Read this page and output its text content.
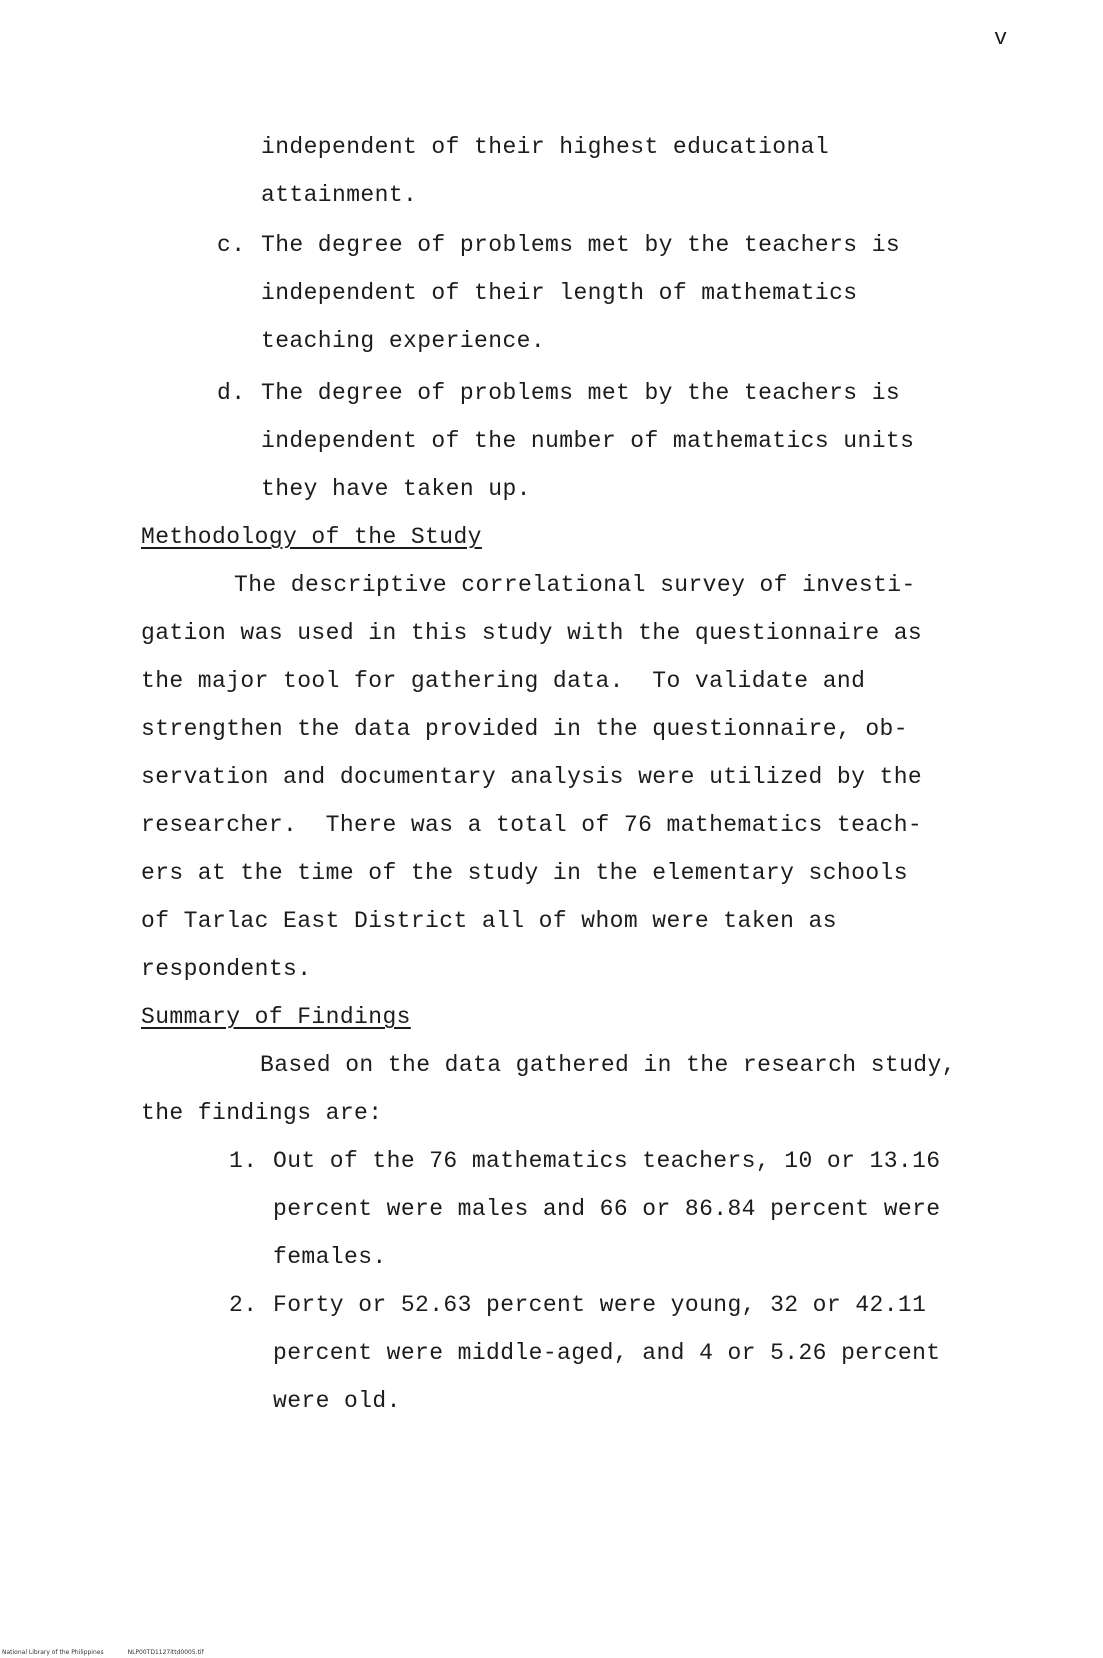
v
independent of their highest educational
attainment.
c. The degree of problems met by the teachers is
independent of their length of mathematics
teaching experience.
d. The degree of problems met by the teachers is
independent of the number of mathematics units
they have taken up.
Methodology of the Study
The descriptive correlational survey of investi-
gation was used in this study with the questionnaire as
the major tool for gathering data.  To validate and
strengthen the data provided in the questionnaire, ob-
servation and documentary analysis were utilized by the
researcher.  There was a total of 76 mathematics teach-
ers at the time of the study in the elementary schools
of Tarlac East District all of whom were taken as
respondents.
Summary of Findings
Based on the data gathered in the research study,
the findings are:
1. Out of the 76 mathematics teachers, 10 or 13.16
percent were males and 66 or 86.84 percent were
females.
2. Forty or 52.63 percent were young, 32 or 42.11
percent were middle-aged, and 4 or 5.26 percent
were old.
National Library of the Philippines	NLP00TD1127ittd0005.tif
